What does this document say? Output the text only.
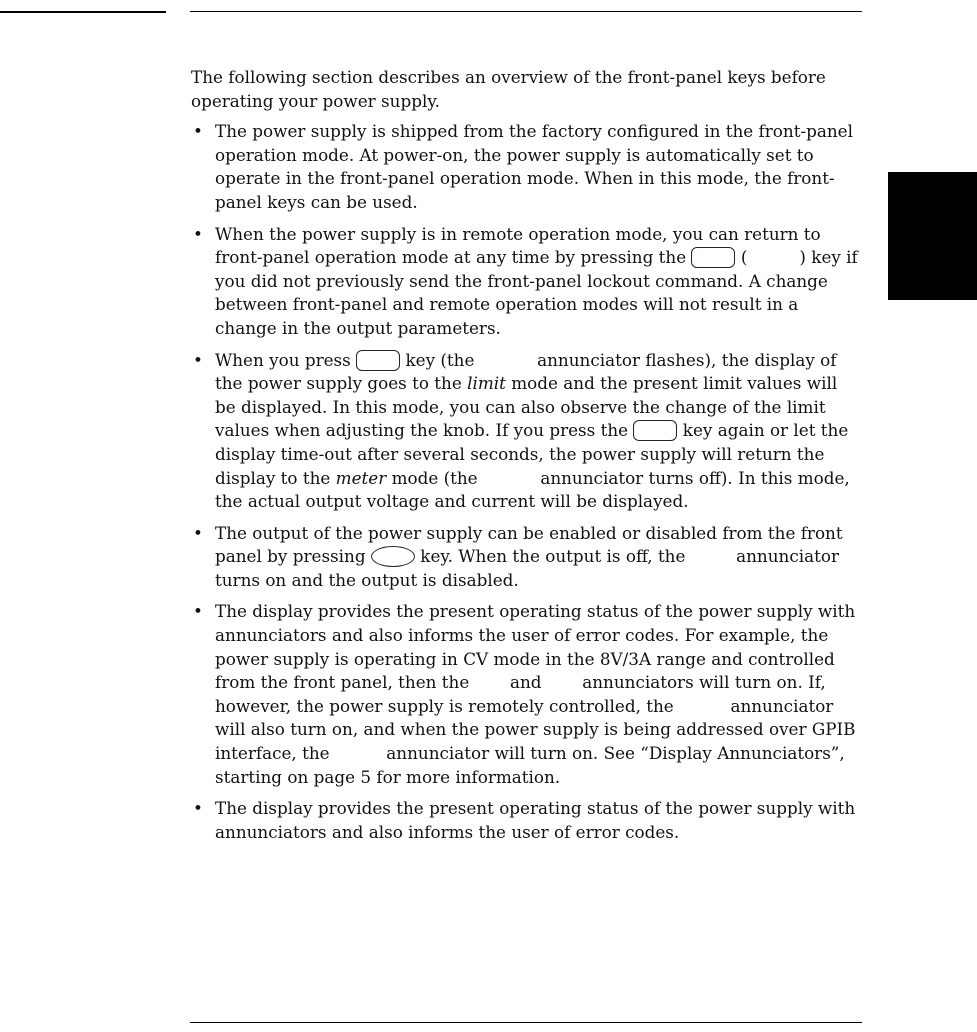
The following section describes an overview of the front-panel keys before operating your power supply.

• The power supply is shipped from the factory configured in the front-panel operation mode. At power-on, the power supply is automatically set to operate in the front-panel operation mode. When in this mode, the front-panel keys can be used.
• When the power supply is in remote operation mode, you can return to front-panel operation mode at any time by pressing the	(	) key if you did not previously send the front-panel lockout command. A change between front-panel and remote operation modes will not result in a change in the output parameters.
• When you press	key (the	annunciator flashes), the display of the power supply goes to the limit mode and the present limit values will be displayed. In this mode, you can also observe the change of the limit values when adjusting the knob. If you press the	key again or let the display time-out after several seconds, the power supply will return the display to the meter mode (the	annunciator turns off). In this mode, the actual output voltage and current will be displayed.
• The output of the power supply can be enabled or disabled from the front panel by pressing	key. When the output is off, the	annunciator turns on and the output is disabled.
• The display provides the present operating status of the power supply with annunciators and also informs the user of error codes. For example, the power supply is operating in CV mode in the 8V/3A range and controlled from the front panel, then the and annunciators will turn on. If, however, the power supply is remotely controlled, the	annunciator will also turn on, and when the power supply is being addressed over GPIB interface, the	annunciator will turn on. See “Display Annunciators”, starting on page 5 for more information.
• The display provides the present operating status of the power supply with annunciators and also informs the user of error codes.
